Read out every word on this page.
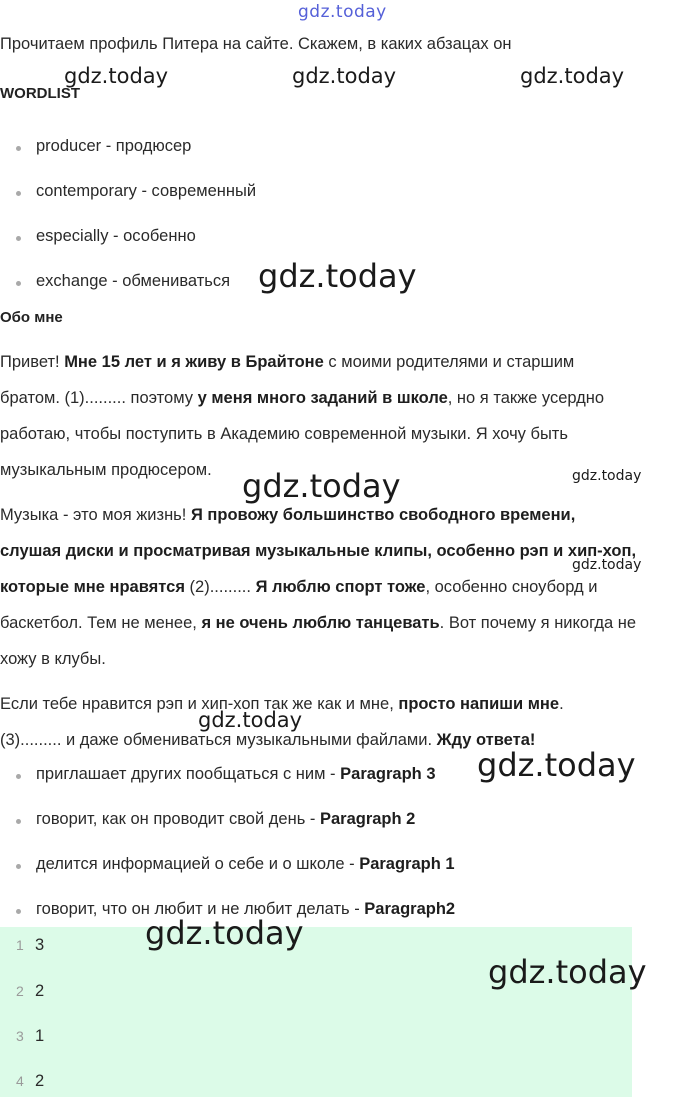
gdz.today
Прочитаем профиль Питера на сайте. Скажем, в каких абзацах он
WORDLIST
gdz.today	gdz.today	gdz.today
producer - продюсер
contemporary - современный
especially - особенно
exchange - обмениваться gdz.today
Обо мне
Привет! Мне 15 лет и я живу в Брайтоне с моими родителями и старшим
братом. (1)......... поэтому у меня много заданий в школе, но я также усердно
работаю, чтобы поступить в Академию современной музыки. Я хочу быть
музыкальным продюсером.	gdz.today
gdz.today
Музыка - это моя жизнь! Я провожу большинство свободного времени,
слушая диски и просматривая музыкальные клипы, особенно рэп и хип-хоп,
которые мне нравятся (2)......... Я люблю спорт тоже, особенно сноуборд и
баскетбол. Тем не менее, я не очень люблю танцевать. Вот почему я никогда не
хожу в клубы.
gdz.today
Если тебе нравится рэп и хип-хоп так же как и мне, просто напиши мне.
(3)......... и даже обмениваться музыкальными файлами. Жду ответа!
gdz.today
приглашает других пообщаться с ним - Paragraph 3
говорит, как он проводит свой день - Paragraph 2
делится информацией о себе и о школе - Paragraph 1
говорит, что он любит и не любит делать - Paragraph2
gdz.today
1 3
2 2
3 1
4 2
gdz.today
gdz.today
